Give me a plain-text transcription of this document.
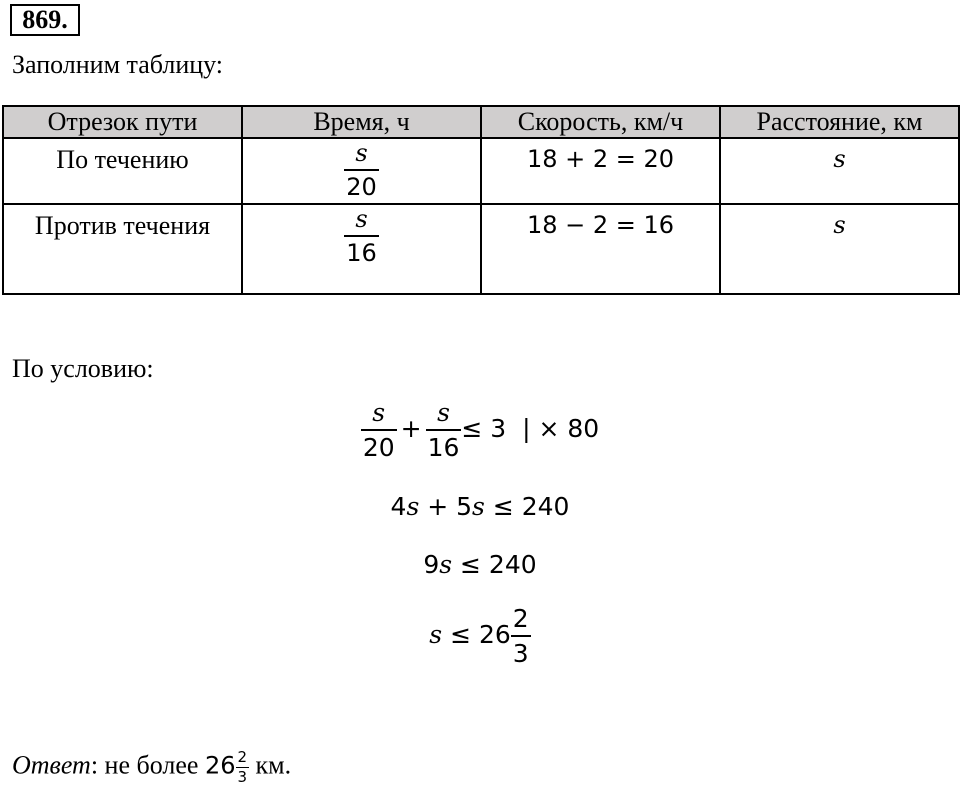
869.
Заполним таблицу:
Отрезок пути	Время, ч	Скорость, км/ч	Расстояние, км

По течению	$\frac{s}{20}$	18 + 2 = 20	s

Против течения	$\frac{s}{16}$	18 − 2 = 16	s
По условию:
$\frac{s}{20} + \frac{s}{16} \le 3$  | × 80
4s + 5s ≤ 240
9s ≤ 240
$s \le 26 \frac{2}{3}$
Ответ: не более $26 \frac{2}{3}$ км.
